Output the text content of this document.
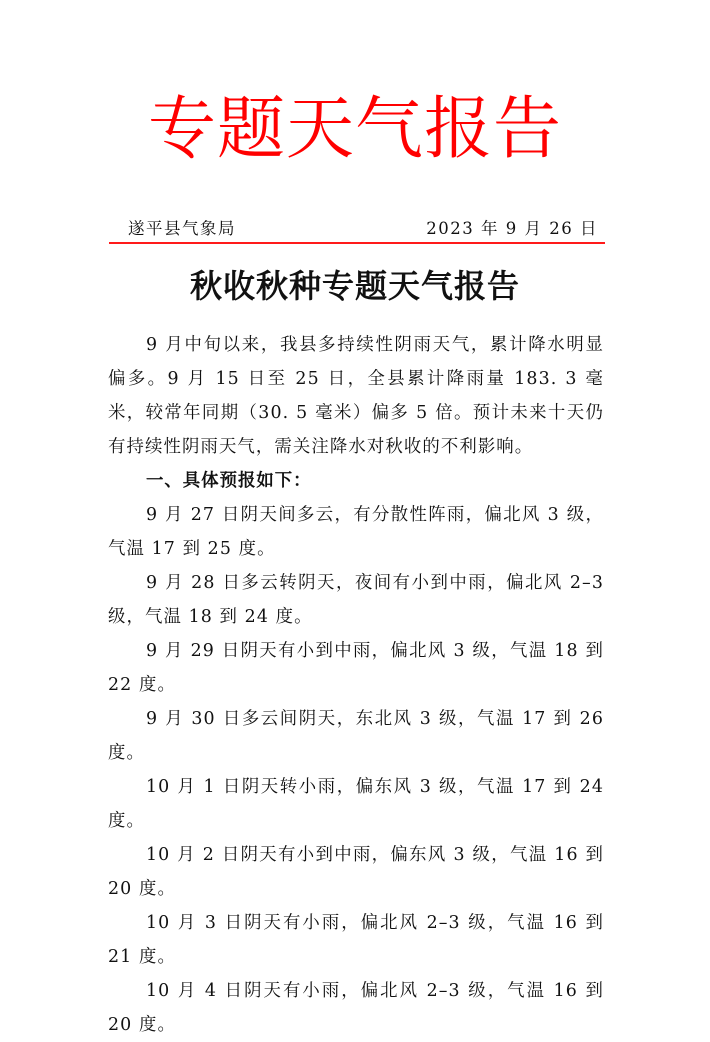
专题天气报告
遂平县气象局	2023 年 9 月 26 日
秋收秋种专题天气报告

9 月中旬以来，我县多持续性阴雨天气，累计降水明显偏多。9 月 15 日至 25 日，全县累计降雨量 183. 3 毫米，较常年同期（30. 5 毫米）偏多 5 倍。预计未来十天仍有持续性阴雨天气，需关注降水对秋收的不利影响。

一、具体预报如下：

9 月 27 日阴天间多云，有分散性阵雨，偏北风 3 级，气温 17 到 25 度。

9 月 28 日多云转阴天，夜间有小到中雨，偏北风 2–3 级，气温 18 到 24 度。

9 月 29 日阴天有小到中雨，偏北风 3 级，气温 18 到 22 度。

9 月 30 日多云间阴天，东北风 3 级，气温 17 到 26 度。

10 月 1 日阴天转小雨，偏东风 3 级，气温 17 到 24 度。

10 月 2 日阴天有小到中雨，偏东风 3 级，气温 16 到 20 度。

10 月 3 日阴天有小雨，偏北风 2–3 级，气温 16 到 21 度。

10 月 4 日阴天有小雨，偏北风 2–3 级，气温 16 到 20 度。
